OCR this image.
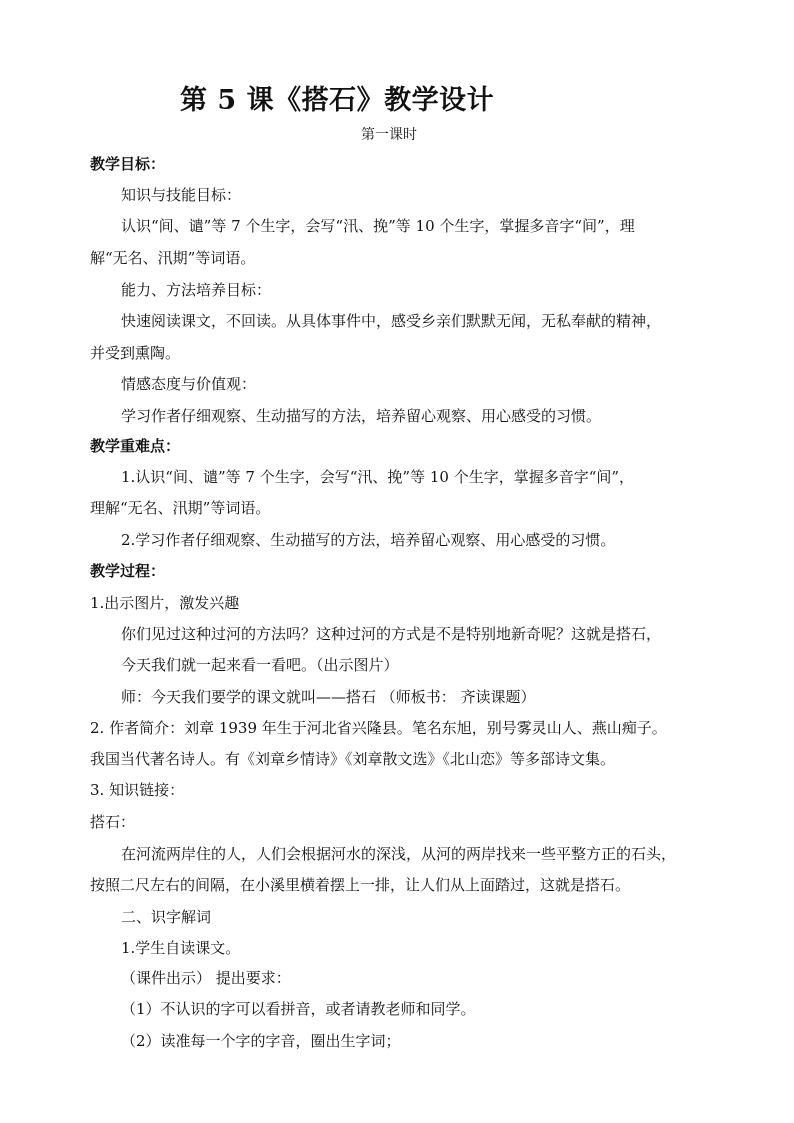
第 5 课《搭石》教学设计
第一课时
教学目标：
知识与技能目标：
认识“间、谴”等 7 个生字，会写“汛、挽”等 10 个生字，掌握多音字“间”，理
解“无名、汛期”等词语。
能力、方法培养目标：
快速阅读课文，不回读。从具体事件中，感受乡亲们默默无闻，无私奉献的精神，
并受到熏陶。
情感态度与价值观：
学习作者仔细观察、生动描写的方法，培养留心观察、用心感受的习惯。
教学重难点：
1.认识“间、谴”等 7 个生字，会写“汛、挽”等 10 个生字，掌握多音字“间”，
理解“无名、汛期”等词语。
2.学习作者仔细观察、生动描写的方法，培养留心观察、用心感受的习惯。
教学过程：
1.出示图片，激发兴趣
你们见过这种过河的方法吗？这种过河的方式是不是特别地新奇呢？这就是搭石，
今天我们就一起来看一看吧。（出示图片）
师：今天我们要学的课文就叫——搭石 （师板书： 齐读课题）
2. 作者简介：刘章 1939 年生于河北省兴隆县。笔名东旭，别号雾灵山人、燕山痴子。
我国当代著名诗人。有《刘章乡情诗》《刘章散文选》《北山恋》等多部诗文集。
3. 知识链接：
搭石：
在河流两岸住的人，人们会根据河水的深浅，从河的两岸找来一些平整方正的石头，
按照二尺左右的间隔，在小溪里横着摆上一排，让人们从上面踏过，这就是搭石。
二、识字解词
1.学生自读课文。
（课件出示） 提出要求：
（1）不认识的字可以看拼音，或者请教老师和同学。
（2）读准每一个字的字音，圈出生字词；
